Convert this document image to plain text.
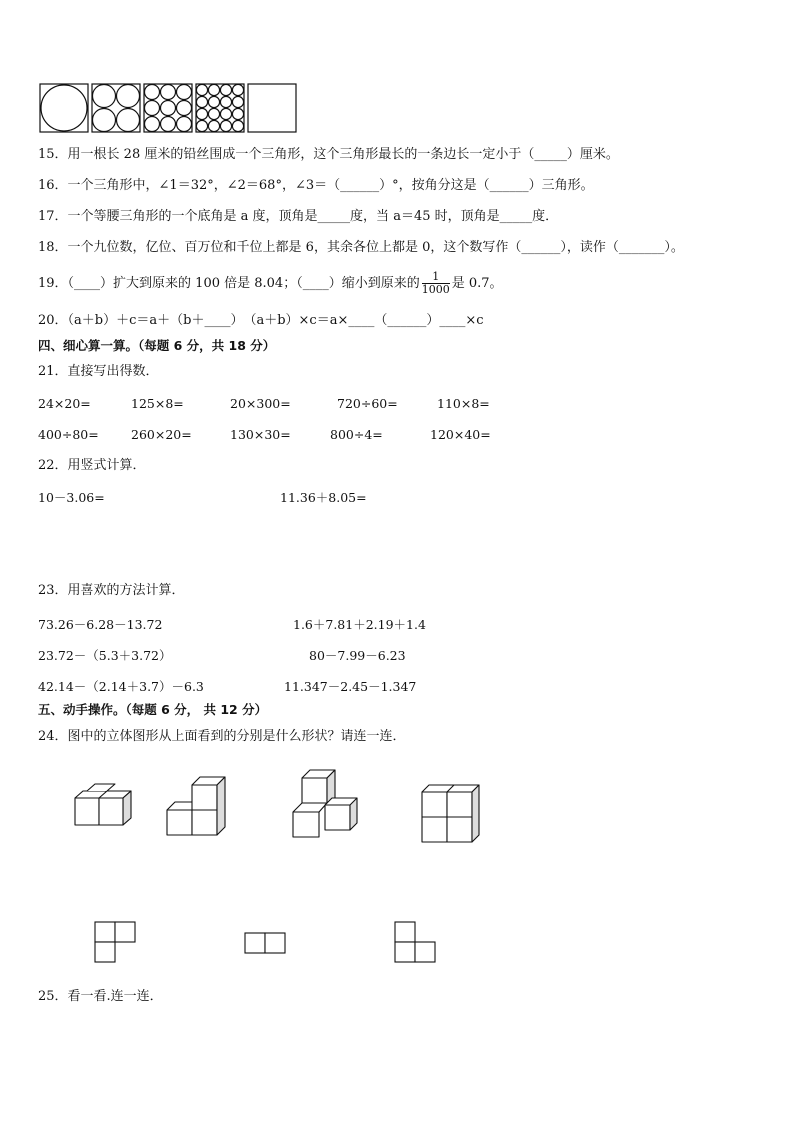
15．用一根长 28 厘米的铅丝围成一个三角形，这个三角形最长的一条边长一定小于（_____）厘米。
16．一个三角形中，∠1＝32°，∠2＝68°，∠3＝（______）°，按角分这是（______）三角形。
17．一个等腰三角形的一个底角是 a 度，顶角是_____度，当 a＝45 时，顶角是_____度．
18．一个九位数，亿位、百万位和千位上都是 6，其余各位上都是 0，这个数写作（______），读作（_______）。
19．（____）扩大到原来的 100 倍是 8.04；（____）缩小到原来的 $\frac{1}{1000}$ 是 0.7。
20．（a＋b）＋c＝a＋（b＋____）　（a＋b）×c＝a×____（______）____×c
四、细心算一算。（每题 6 分，共 18 分）
21．直接写出得数．
24×20=	125×8=	20×300=	720÷60=	110×8=
400÷80=	260×20=	130×30=	800÷4=	120×40=
22．用竖式计算．
10－3.06=	11.36＋8.05=
23．用喜欢的方法计算．
73.26－6.28－13.72	1.6＋7.81＋2.19＋1.4
23.72－（5.3＋3.72）	80－7.99－6.23
42.14－（2.14＋3.7）－6.3	11.347－2.45－1.347
五、动手操作。（每题 6 分， 共 12 分）
24．图中的立体图形从上面看到的分别是什么形状？请连一连．
25．看一看.连一连．
